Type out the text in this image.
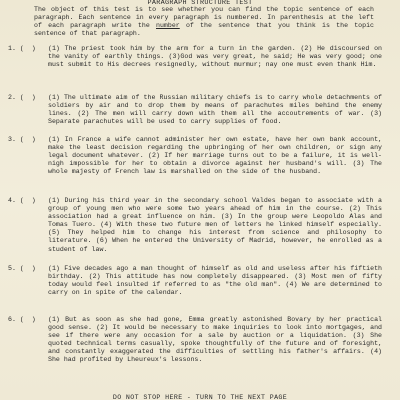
PARAGRAPH STRUCTURE TEST
The object of this test is to see whether you can find the topic sentence of each paragraph. Each sentence in every paragraph is numbered. In parenthesis at the left of each paragraph write the number of the sentence that you think is the topic sentence of that paragraph.
1. (  ) (1) The priest took him by the arm for a turn in the garden. (2) He discoursed on the vanity of earthly things. (3)God was very great, he said; He was very good; one must submit to His decrees resignedly, without murmur; nay one must even thank Him.
2. (  ) (1) The ultimate aim of the Russian military chiefs is to carry whole detachments of soldiers by air and to drop them by means of parachutes miles behind the enemy lines. (2) The men will carry down with them all the accoutrements of war. (3) Separate parachutes will be used to carry supplies of food.
3. (  ) (1) In France a wife cannot administer her own estate, have her own bank account, make the least decision regarding the upbringing of her own children, or sign any legal document whatever. (2) If her marriage turns out to be a failure, it is well-nigh impossible for her to obtain a divorce against her husband's will. (3) The whole majesty of French law is marshalled on the side of the husband.
4. (  ) (1) During his third year in the secondary school Valdes began to associate with a group of young men who were some two years ahead of him in the course. (2) This association had a great influence on him. (3) In the group were Leopoldo Alas and Tomas Tuero. (4) With these two future men of letters he linked himself especially. (5) They helped him to change his interest from science and philosophy to literature. (6) When he entered the University of Madrid, however, he enrolled as a student of law.
5. (  ) (1) Five decades ago a man thought of himself as old and useless after his fiftieth birthday. (2) This attitude has now completely disappeared. (3) Most men of fifty today would feel insulted if referred to as "the old man". (4) We are determined to carry on in spite of the calendar.
6. (  ) (1) But as soon as she had gone, Emma greatly astonished Bovary by her practical good sense. (2) It would be necessary to make inquiries to look into mortgages, and see if there were any occasion for a sale by auction or a liquidation. (3) She quoted technical terms casually, spoke thoughtfully of the future and of foresight, and constantly exaggerated the difficulties of settling his father's affairs. (4) She had profited by Lheureux's lessons.
DO NOT STOP HERE - TURN TO THE NEXT PAGE
